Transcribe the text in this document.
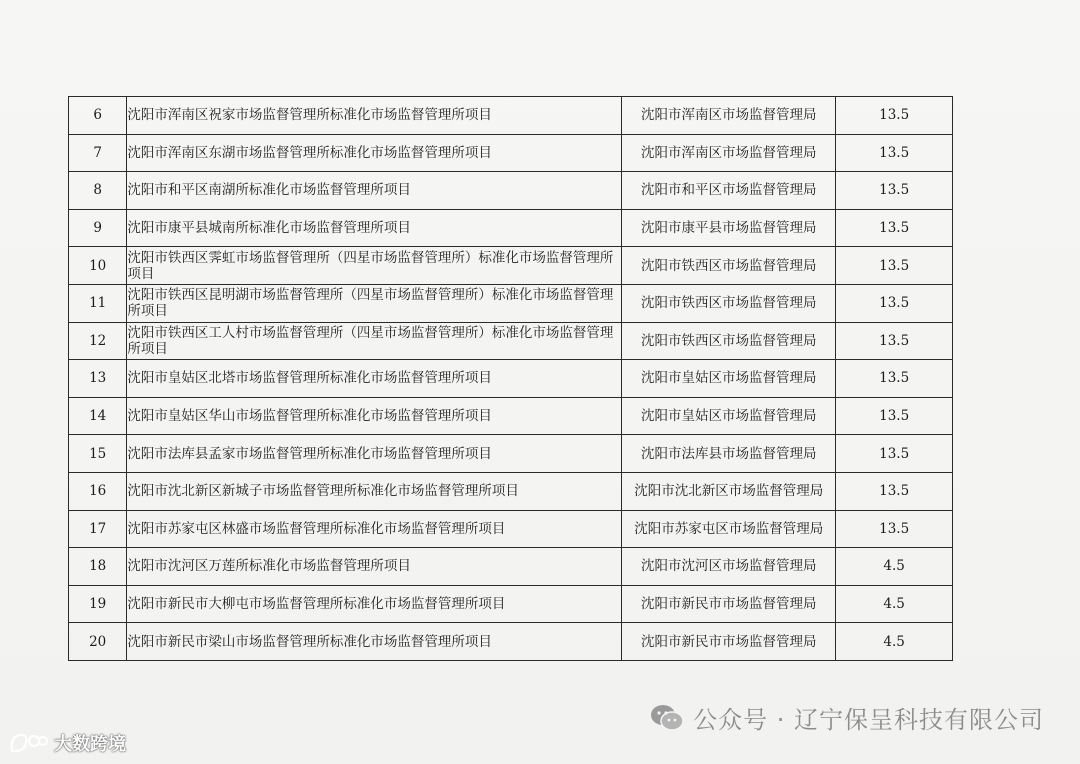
6	沈阳市浑南区祝家市场监督管理所标准化市场监督管理所项目	沈阳市浑南区市场监督管理局	13.5
7	沈阳市浑南区东湖市场监督管理所标准化市场监督管理所项目	沈阳市浑南区市场监督管理局	13.5
8	沈阳市和平区南湖所标准化市场监督管理所项目	沈阳市和平区市场监督管理局	13.5
9	沈阳市康平县城南所标准化市场监督管理所项目	沈阳市康平县市场监督管理局	13.5
10	沈阳市铁西区霁虹市场监督管理所（四星市场监督管理所）标准化市场监督管理所项目	沈阳市铁西区市场监督管理局	13.5
11	沈阳市铁西区昆明湖市场监督管理所（四星市场监督管理所）标准化市场监督管理所项目	沈阳市铁西区市场监督管理局	13.5
12	沈阳市铁西区工人村市场监督管理所（四星市场监督管理所）标准化市场监督管理所项目	沈阳市铁西区市场监督管理局	13.5
13	沈阳市皇姑区北塔市场监督管理所标准化市场监督管理所项目	沈阳市皇姑区市场监督管理局	13.5
14	沈阳市皇姑区华山市场监督管理所标准化市场监督管理所项目	沈阳市皇姑区市场监督管理局	13.5
15	沈阳市法库县孟家市场监督管理所标准化市场监督管理所项目	沈阳市法库县市场监督管理局	13.5
16	沈阳市沈北新区新城子市场监督管理所标准化市场监督管理所项目	沈阳市沈北新区市场监督管理局	13.5
17	沈阳市苏家屯区林盛市场监督管理所标准化市场监督管理所项目	沈阳市苏家屯区市场监督管理局	13.5
18	沈阳市沈河区万莲所标准化市场监督管理所项目	沈阳市沈河区市场监督管理局	4.5
19	沈阳市新民市大柳屯市场监督管理所标准化市场监督管理所项目	沈阳市新民市市场监督管理局	4.5
20	沈阳市新民市梁山市场监督管理所标准化市场监督管理所项目	沈阳市新民市市场监督管理局	4.5
公众号 · 辽宁保呈科技有限公司
大数跨境
